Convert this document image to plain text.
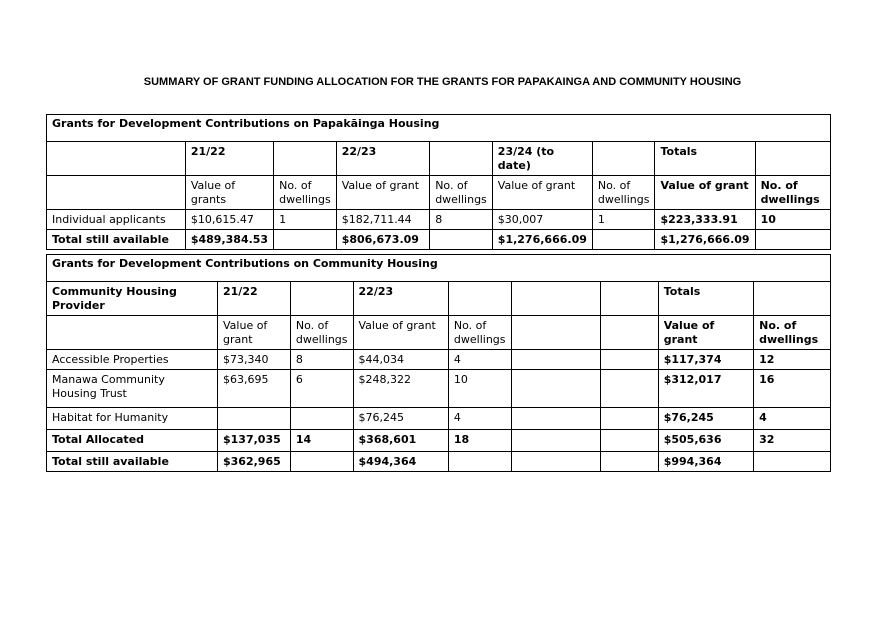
SUMMARY OF GRANT FUNDING ALLOCATION FOR THE GRANTS FOR PAPAKAINGA AND COMMUNITY HOUSING
Grants for Development Contributions on Papakāinga Housing								
	21/22		22/23		23/24 (to date)		Totals	
	Value of grants	No. of dwellings	Value of grant	No. of dwellings	Value of grant	No. of dwellings	Value of grant	No. of dwellings
Individual applicants	$10,615.47	1	$182,711.44	8	$30,007	1	$223,333.91	10
Total still available	$489,384.53		$806,673.09		$1,276,666.09		$1,276,666.09	
Grants for Development Contributions on Community Housing								
Community Housing Provider	21/22		22/23				Totals	
	Value of grant	No. of dwellings	Value of grant	No. of dwellings			Value of grant	No. of dwellings
Accessible Properties	$73,340	8	$44,034	4			$117,374	12
Manawa Community Housing Trust	$63,695	6	$248,322	10			$312,017	16
Habitat for Humanity			$76,245	4			$76,245	4
Total Allocated	$137,035	14	$368,601	18			$505,636	32
Total still available	$362,965		$494,364				$994,364	
